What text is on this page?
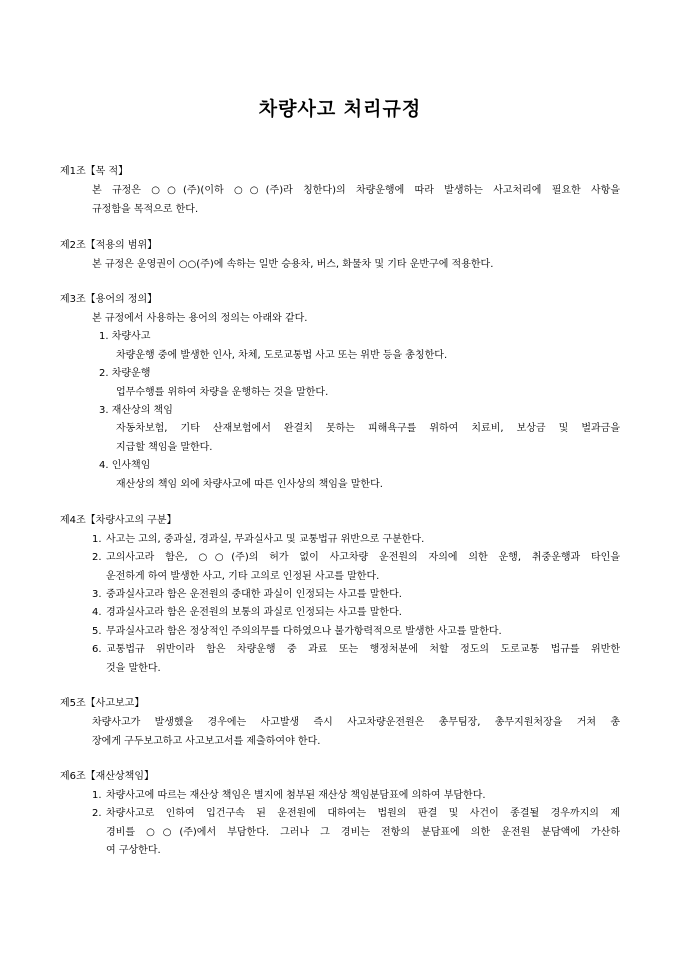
차량사고 처리규정
제1조【목 적】
본 규정은 ○○(주)(이하 ○○(주)라 칭한다)의 차량운행에 따라 발생하는 사고처리에 필요한 사항을
규정함을 목적으로 한다.
제2조【적용의 범위】
본 규정은 운영권이 ○○(주)에 속하는 일반 승용차, 버스, 화물차 및 기타 운반구에 적용한다.
제3조【용어의 정의】
본 규정에서 사용하는 용어의 정의는 아래와 같다.
1. 차량사고
차량운행 중에 발생한 인사, 차체, 도로교통법 사고 또는 위반 등을 총칭한다.
2. 차량운행
업무수행를 위하여 차량을 운행하는 것을 말한다.
3. 재산상의 책임
자동차보험, 기타 산재보험에서 완결치 못하는 피해욕구를 위하여 치료비, 보상금 및 벌과금을
지급할 책임을 말한다.
4. 인사책임
재산상의 책임 외에 차량사고에 따른 인사상의 책임을 말한다.
제4조【차량사고의 구분】
1. 사고는 고의, 중과실, 경과실, 무과실사고 및 교통법규 위반으로 구분한다.
2. 고의사고라 함은, ○○(주)의 허가 없이 사고차량 운전원의 자의에 의한 운행, 취중운행과 타인을
운전하게 하여 발생한 사고, 기타 고의로 인정된 사고를 말한다.
3. 중과실사고라 함은 운전원의 중대한 과실이 인정되는 사고를 말한다.
4. 경과실사고라 함은 운전원의 보통의 과실로 인정되는 사고를 말한다.
5. 무과실사고라 함은 정상적인 주의의무를 다하였으나 불가항력적으로 발생한 사고를 말한다.
6. 교통법규 위반이라 함은 차량운행 중 과료 또는 행정처분에 처할 정도의 도로교통 법규를 위반한
것을 말한다.
제5조【사고보고】
차량사고가 발생했을 경우에는 사고발생 즉시 사고차량운전원은 총무팀장, 총무지원처장을 거쳐 총
장에게 구두보고하고 사고보고서를 제출하여야 한다.
제6조【재산상책임】
1. 차량사고에 따르는 재산상 책임은 별지에 첨부된 재산상 책임분담표에 의하여 부담한다.
2. 차량사고로 인하여 입건구속 된 운전원에 대하여는 법원의 판결 및 사건이 종결될 경우까지의 제
경비를 ○○(주)에서 부담한다. 그러나 그 경비는 전항의 분담표에 의한 운전원 분담액에 가산하
여 구상한다.
